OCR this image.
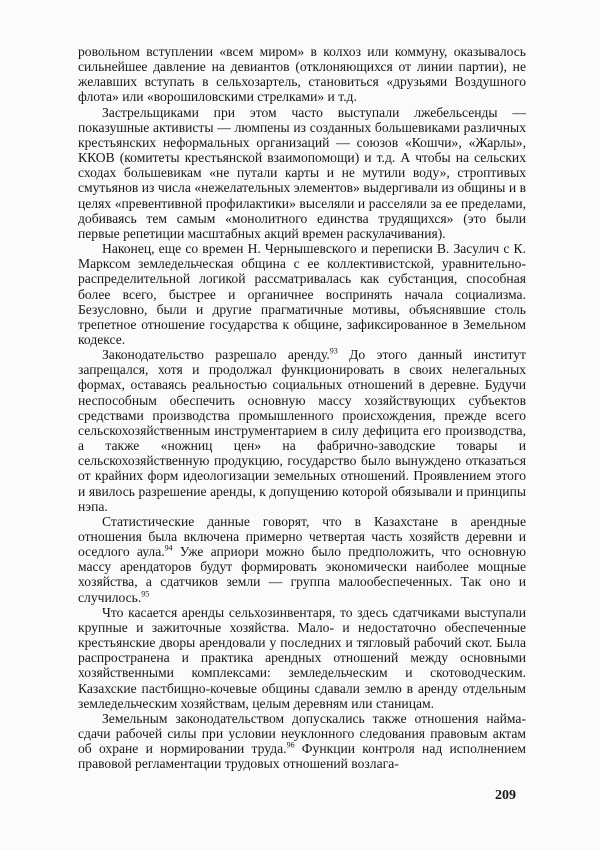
ровольном вступлении «всем миром» в колхоз или коммуну, оказывалось сильнейшее давление на девиантов (отклоняющихся от линии партии), не желавших вступать в сельхозартель, становиться «друзьями Воздушного флота» или «ворошиловскими стрелками» и т.д.

Застрельщиками при этом часто выступали лжебельсенды — показушные активисты — люмпены из созданных большевиками различных крестьянских неформальных организаций — союзов «Кошчи», «Жарлы», ККОВ (комитеты крестьянской взаимопомощи) и т.д. А чтобы на сельских сходах большевикам «не путали карты и не мутили воду», строптивых смутьянов из числа «нежелательных элементов» выдергивали из общины и в целях «превентивной профилактики» выселяли и расселяли за ее пределами, добиваясь тем самым «монолитного единства трудящихся» (это были первые репетиции масштабных акций времен раскулачивания).

Наконец, еще со времен Н. Чернышевского и переписки В. Засулич с К. Марксом земледельческая община с ее коллективистской, уравнительно-распределительной логикой рассматривалась как субстанция, способная более всего, быстрее и органичнее воспринять начала социализма. Безусловно, были и другие прагматичные мотивы, объяснявшие столь трепетное отношение государства к общине, зафиксированное в Земельном кодексе.

Законодательство разрешало аренду.$^{93}$ До этого данный институт запрещался, хотя и продолжал функционировать в своих нелегальных формах, оставаясь реальностью социальных отношений в деревне. Будучи неспособным обеспечить основную массу хозяйствующих субъектов средствами производства промышленного происхождения, прежде всего сельскохозяйственным инструментарием в силу дефицита его производства, а также «ножниц цен» на фабрично-заводские товары и сельскохозяйственную продукцию, государство было вынуждено отказаться от крайних форм идеологизации земельных отношений. Проявлением этого и явилось разрешение аренды, к допущению которой обязывали и принципы нэпа.

Статистические данные говорят, что в Казахстане в арендные отношения была включена примерно четвертая часть хозяйств деревни и оседлого аула.$^{94}$ Уже априори можно было предположить, что основную массу арендаторов будут формировать экономически наиболее мощные хозяйства, а сдатчиков земли — группа малообеспеченных. Так оно и случилось.$^{95}$

Что касается аренды сельхозинвентаря, то здесь сдатчиками выступали крупные и зажиточные хозяйства. Мало- и недостаточно обеспеченные крестьянские дворы арендовали у последних и тягловый рабочий скот. Была распространена и практика арендных отношений между основными хозяйственными комплексами: земледельческим и скотоводческим. Казахские пастбищно-кочевые общины сдавали землю в аренду отдельным земледельческим хозяйствам, целым деревням или станицам.

Земельным законодательством допускались также отношения найма-сдачи рабочей силы при условии неуклонного следования правовым актам об охране и нормировании труда.$^{96}$ Функции контроля над исполнением правовой регламентации трудовых отношений возлага-

209
